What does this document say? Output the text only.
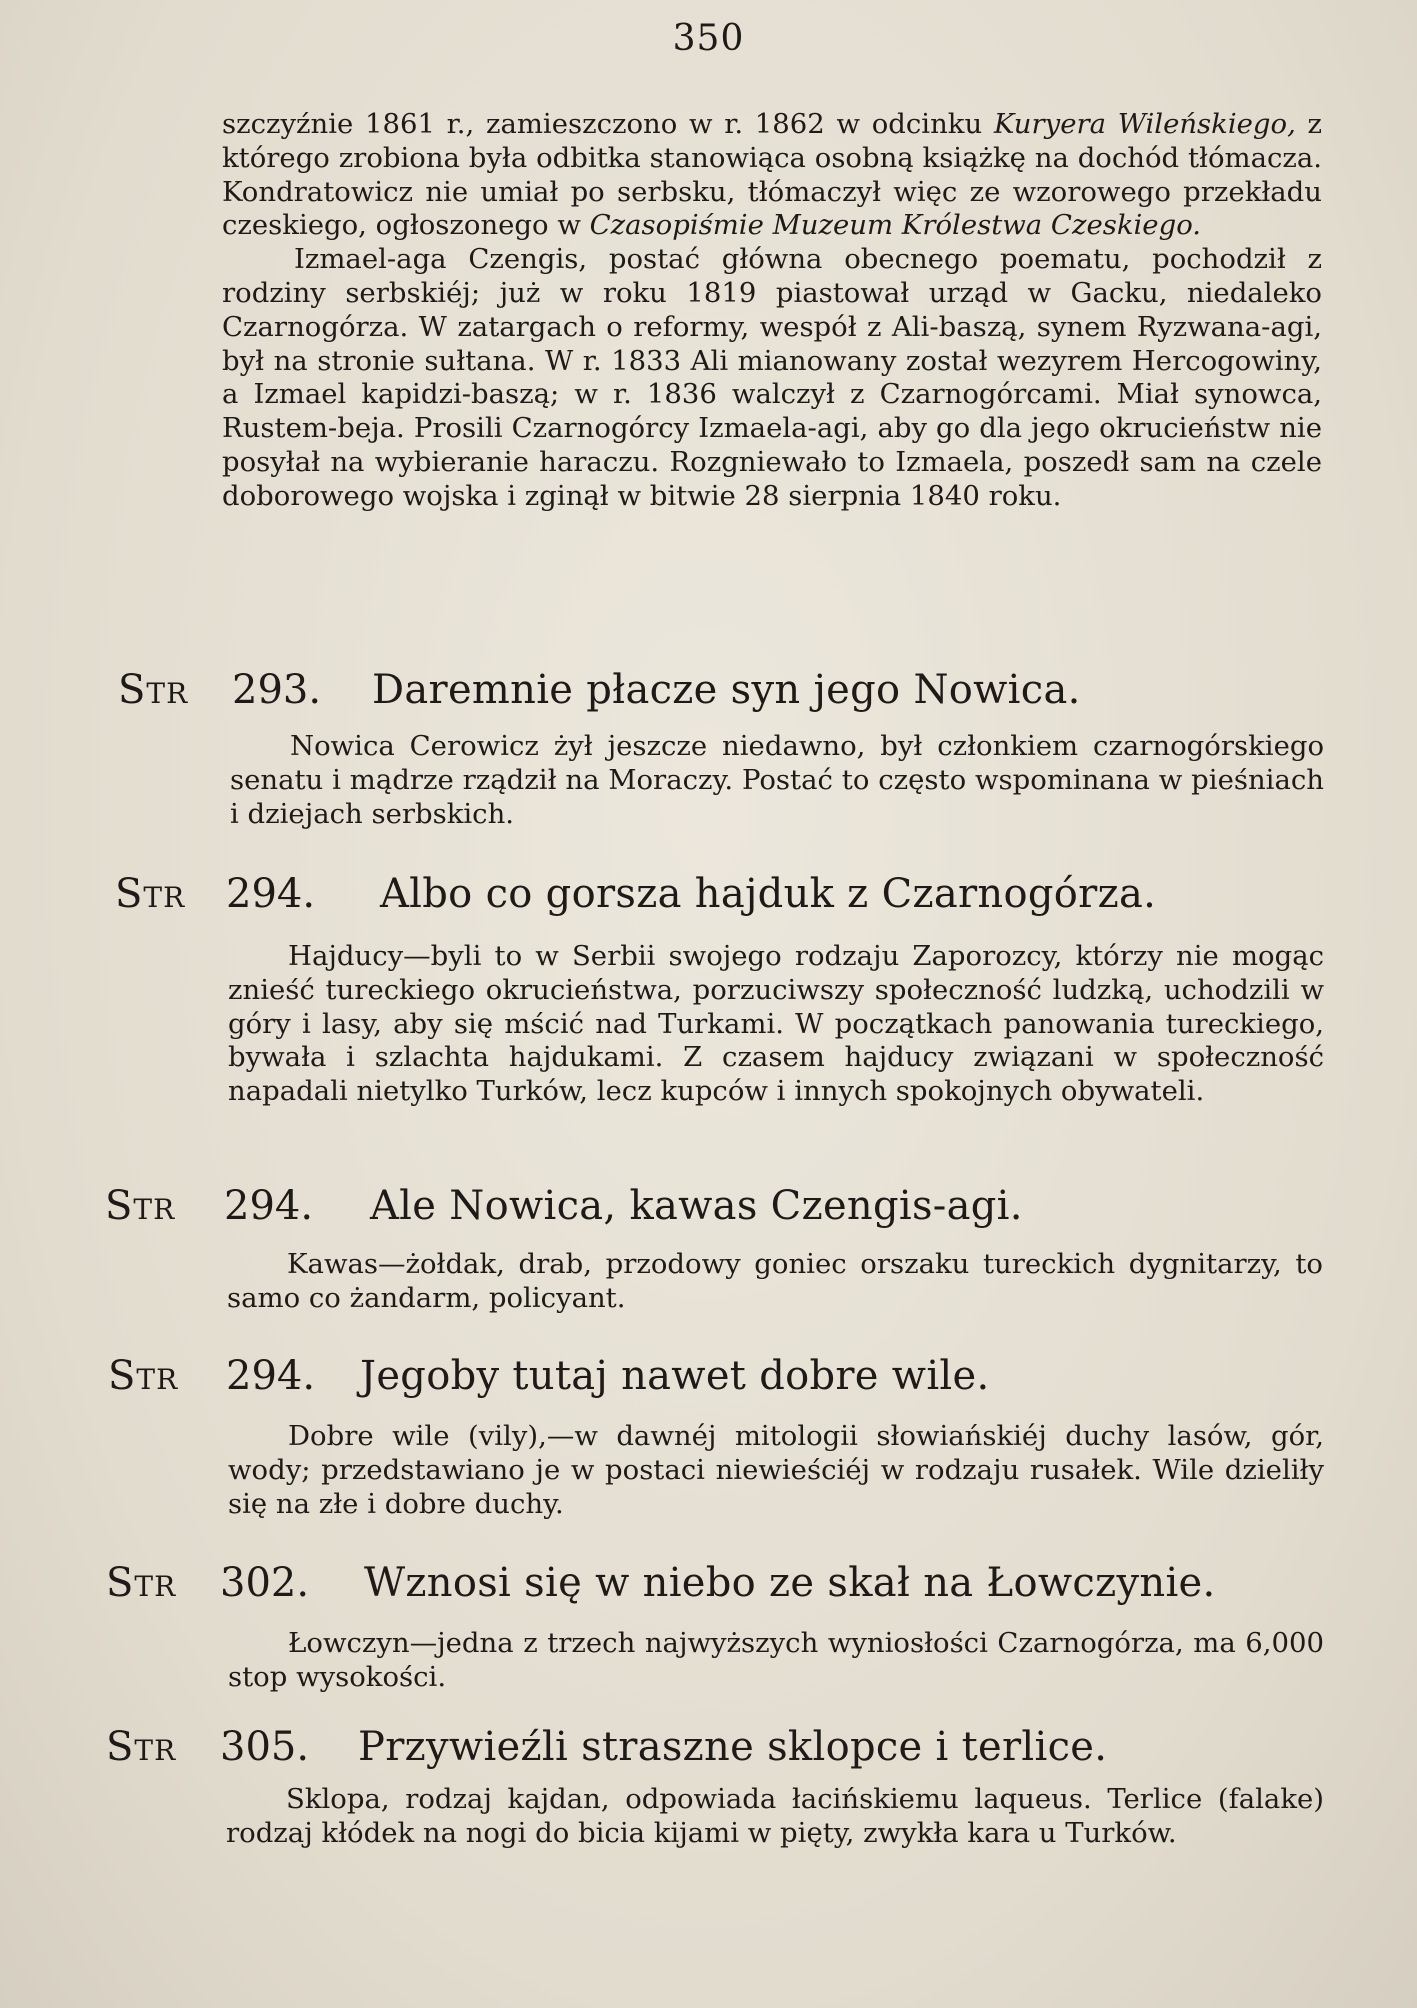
350

szczyźnie 1861 r., zamieszczono w r. 1862 w odcinku Kuryera Wileńskiego, z którego zrobiona była odbitka stanowiąca osobną książkę na dochód tłómacza. Kondratowicz nie umiał po serbsku, tłómaczył więc ze wzorowego przekładu czeskiego, ogłoszonego w Czasopiśmie Muzeum Królestwa Czeskiego.

Izmael-aga Czengis, postać główna obecnego poematu, pochodził z rodziny serbskiéj; już w roku 1819 piastował urząd w Gacku, niedaleko Czarnogórza. W zatargach o reformy, wespół z Ali-baszą, synem Ryzwana-agi, był na stronie sułtana. W r. 1833 Ali mianowany został wezyrem Hercogowiny, a Izmael kapidzi-baszą; w r. 1836 walczył z Czarnogórcami. Miał synowca, Rustem-beja. Prosili Czarnogórcy Izmaela-agi, aby go dla jego okrucieństw nie posyłał na wybieranie haraczu. Rozgniewało to Izmaela, poszedł sam na czele doborowego wojska i zginął w bitwie 28 sierpnia 1840 roku.

Str 293. Daremnie płacze syn jego Nowica.
Nowica Cerowicz żył jeszcze niedawno, był członkiem czarnogórskiego senatu i mądrze rządził na Moraczy. Postać to często wspominana w pieśniach i dziejach serbskich.
Str 294. Albo co gorsza hajduk z Czarnogórza.
Hajducy—byli to w Serbii swojego rodzaju Zaporozcy, którzy nie mogąc znieść tureckiego okrucieństwa, porzuciwszy społeczność ludzką, uchodzili w góry i lasy, aby się mścić nad Turkami. W początkach panowania tureckiego, bywała i szlachta hajdukami. Z czasem hajducy związani w społeczność napadali nietylko Turków, lecz kupców i innych spokojnych obywateli.
Str 294. Ale Nowica, kawas Czengis-agi.
Kawas—żołdak, drab, przodowy goniec orszaku tureckich dygnitarzy, to samo co żandarm, policyant.
Str 294. Jegoby tutaj nawet dobre wile.
Dobre wile (vily),—w dawnéj mitologii słowiańskiéj duchy lasów, gór, wody; przedstawiano je w postaci niewieściéj w rodzaju rusałek. Wile dzieliły się na złe i dobre duchy.
Str 302. Wznosi się w niebo ze skał na Łowczynie.
Łowczyn—jedna z trzech najwyższych wyniosłości Czarnogórza, ma 6,000 stop wysokości.
Str 305. Przywieźli straszne sklopce i terlice.
Sklopa, rodzaj kajdan, odpowiada łacińskiemu laqueus. Terlice (falake) rodzaj kłódek na nogi do bicia kijami w pięty, zwykła kara u Turków.
